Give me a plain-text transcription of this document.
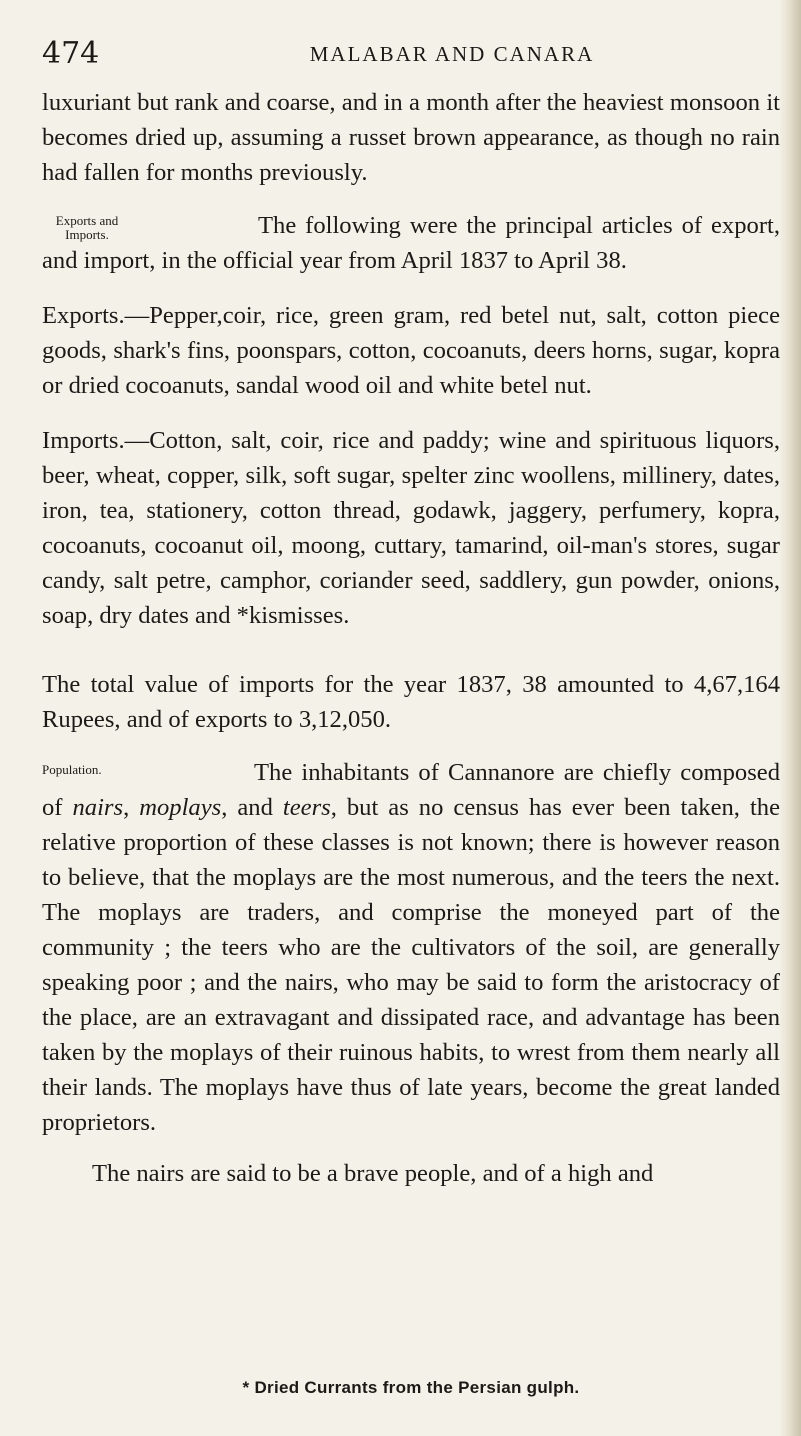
474	MALABAR AND CANARA

luxuriant but rank and coarse, and in a month after the heaviest monsoon it becomes dried up, assuming a russet brown appearance, as though no rain had fallen for months previously.

Exports and Imports.	The following were the principal articles of export, and import, in the official year from April 1837 to April 38.

Exports.—Pepper,coir, rice, green gram, red betel nut, salt, cotton piece goods, shark's fins, poonspars, cotton, cocoanuts, deers horns, sugar, kopra or dried cocoanuts, sandal wood oil and white betel nut.

Imports.—Cotton, salt, coir, rice and paddy; wine and spirituous liquors, beer, wheat, copper, silk, soft sugar, spelter zinc woollens, millinery, dates, iron, tea, stationery, cotton thread, godawk, jaggery, perfumery, kopra, cocoanuts, cocoanut oil, moong, cuttary, tamarind, oil-man's stores, sugar candy, salt petre, camphor, coriander seed, saddlery, gun powder, onions, soap, dry dates and *kismisses.

The total value of imports for the year 1837, 38 amounted to 4,67,164 Rupees, and of exports to 3,12,050.

Population.	The inhabitants of Cannanore are chiefly composed of nairs, moplays, and teers, but as no census has ever been taken, the relative proportion of these classes is not known; there is however reason to believe, that the moplays are the most numerous, and the teers the next. The moplays are traders, and comprise the moneyed part of the community ; the teers who are the cultivators of the soil, are generally speaking poor ; and the nairs, who may be said to form the aristocracy of the place, are an extravagant and dissipated race, and advantage has been taken by the moplays of their ruinous habits, to wrest from them nearly all their lands. The moplays have thus of late years, become the great landed proprietors.

The nairs are said to be a brave people, and of a high and

* Dried Currants from the Persian gulph.
